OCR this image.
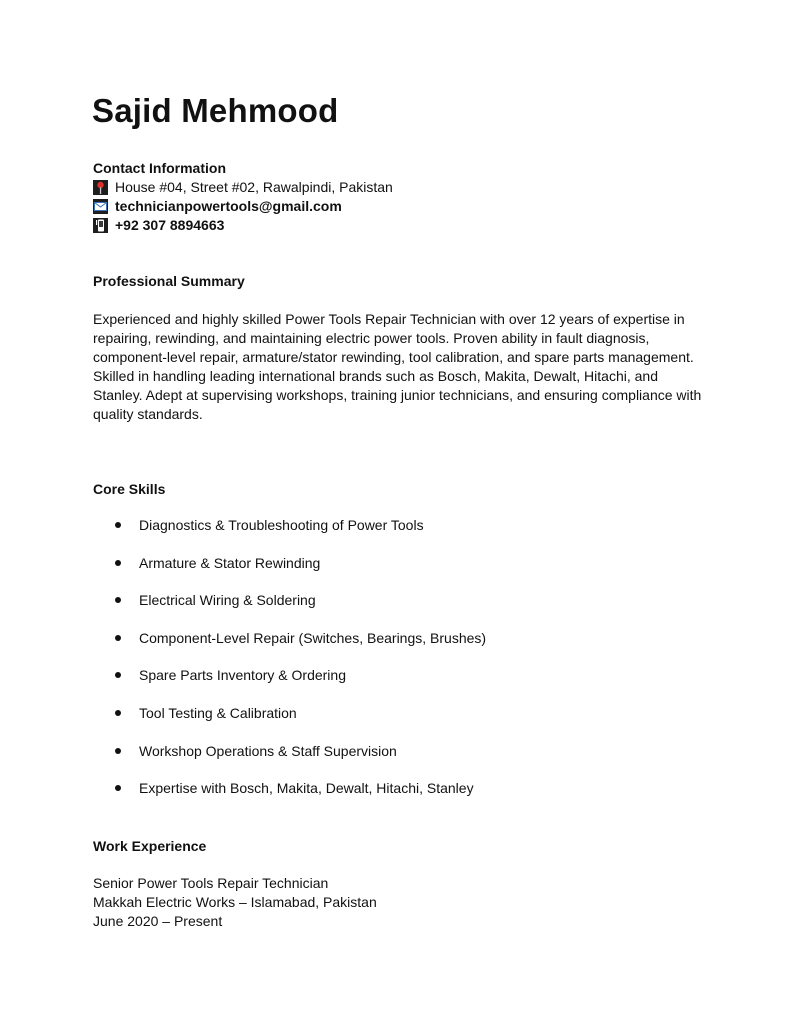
Sajid Mehmood
Contact Information
House #04, Street #02, Rawalpindi, Pakistan
technicianpowertools@gmail.com
+92 307 8894663
Professional Summary

Experienced and highly skilled Power Tools Repair Technician with over 12 years of expertise in repairing, rewinding, and maintaining electric power tools. Proven ability in fault diagnosis, component-level repair, armature/stator rewinding, tool calibration, and spare parts management. Skilled in handling leading international brands such as Bosch, Makita, Dewalt, Hitachi, and Stanley. Adept at supervising workshops, training junior technicians, and ensuring compliance with quality standards.

Core Skills
Diagnostics & Troubleshooting of Power Tools
Armature & Stator Rewinding
Electrical Wiring & Soldering
Component-Level Repair (Switches, Bearings, Brushes)
Spare Parts Inventory & Ordering
Tool Testing & Calibration
Workshop Operations & Staff Supervision
Expertise with Bosch, Makita, Dewalt, Hitachi, Stanley
Work Experience
Senior Power Tools Repair Technician
Makkah Electric Works – Islamabad, Pakistan
June 2020 – Present
